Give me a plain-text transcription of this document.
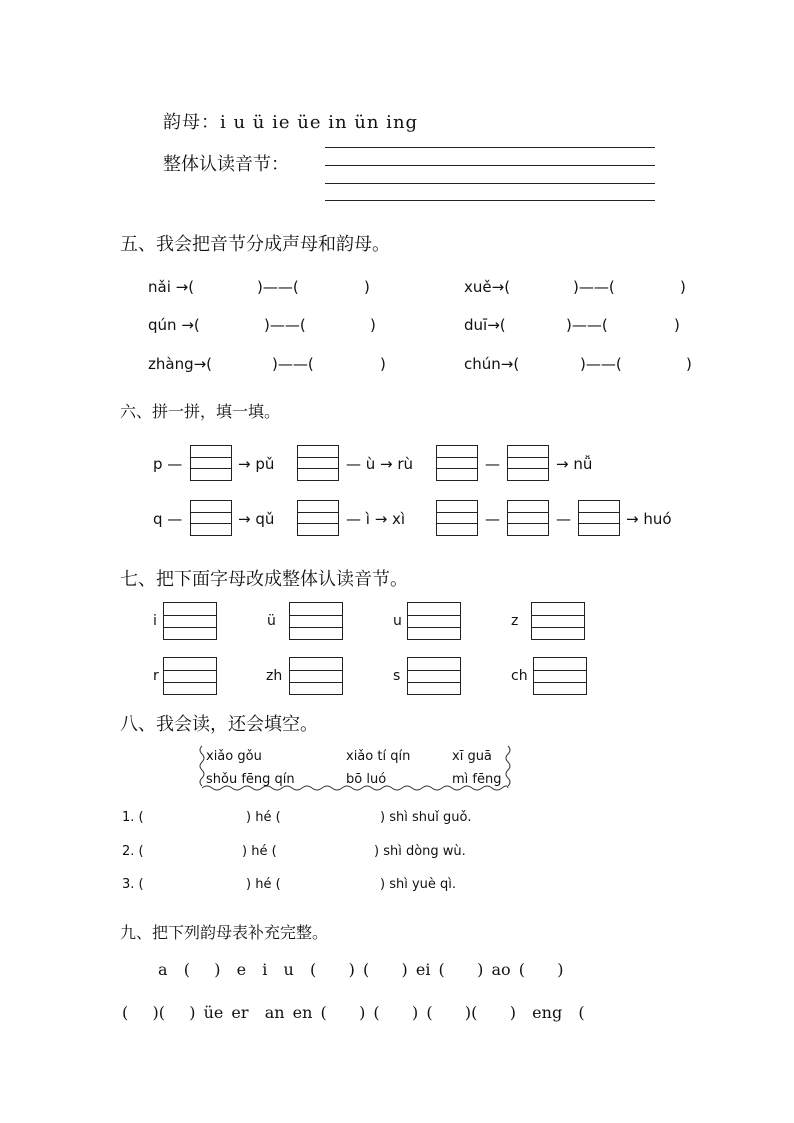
韵母：i u ü ie üe in ün ing
整体认读音节：
五、我会把音节分成声母和韵母。
nǎi →(	)——(	)	xuě→(	)——(	)
qún →(	)——(	)	duī→(	)——(	)
zhàng→(	)——(	)	chún→(	)——(	)
六、拼一拼，填一填。
p —	→ pǔ	— ù → rù	—	→ nǚ
q —	→ qǔ	— ì → xì	—	—	→ huó
七、把下面字母改成整体认读音节。
i	ü	u	z
r	zh	s	ch
八、我会读，还会填空。
xiǎo gǒu	xiǎo tí qín	xī guā
shǒu fēng qín	bō luó	mì fēng
1. (	) hé (	) shì shuǐ guǒ.
2. (	) hé (	) shì dòng wù.
3. (	) hé (	) shì yuè qì.
九、把下列韵母表补充完整。
a  (   )  e  i  u  (    ) (    ) ei (    ) ao (    )
(   )(   ) üe er  an en (    ) (    ) (    )(    )  eng  (
